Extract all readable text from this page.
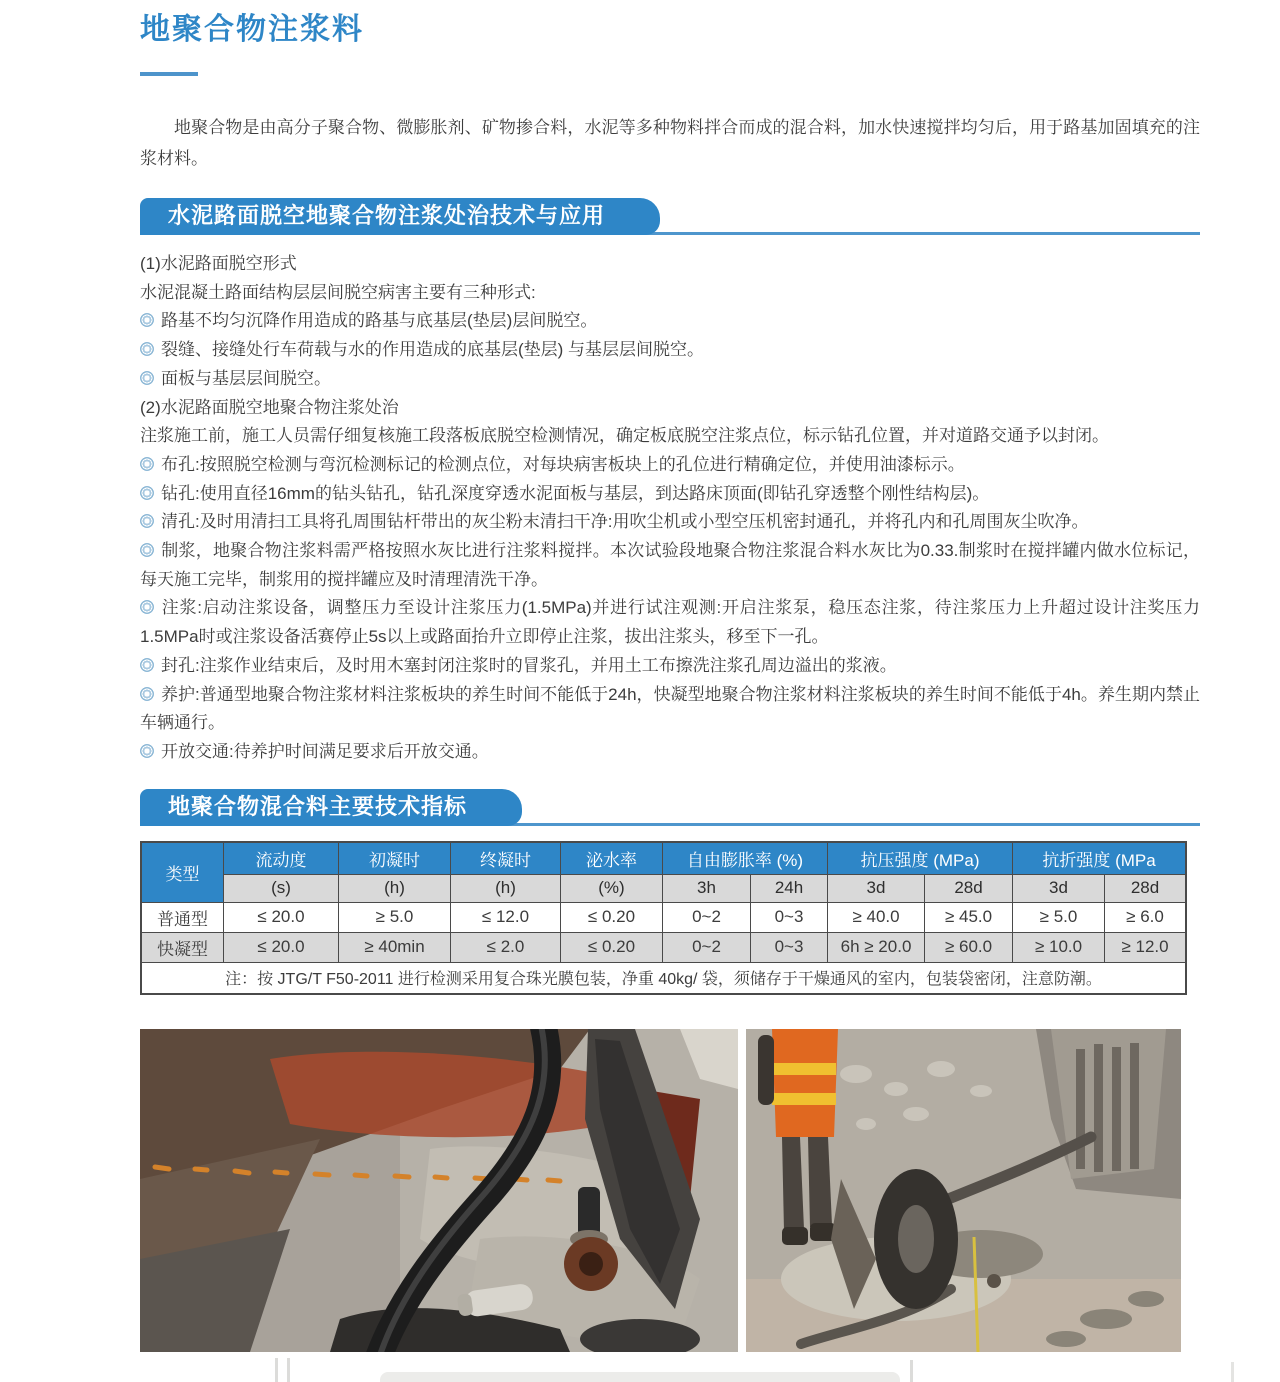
地聚合物注浆料

地聚合物是由高分子聚合物、微膨胀剂、矿物掺合料，水泥等多种物料拌合而成的混合料，加水快速搅拌均匀后，用于路基加固填充的注浆材料。

水泥路面脱空地聚合物注浆处治技术与应用

(1)水泥路面脱空形式

水泥混凝土路面结构层层间脱空病害主要有三种形式:

路基不均匀沉降作用造成的路基与底基层(垫层)层间脱空。

裂缝、接缝处行车荷载与水的作用造成的底基层(垫层) 与基层层间脱空。

面板与基层层间脱空。

(2)水泥路面脱空地聚合物注浆处治

注浆施工前，施工人员需仔细复核施工段落板底脱空检测情况，确定板底脱空注浆点位，标示钻孔位置，并对道路交通予以封闭。

布孔:按照脱空检测与弯沉检测标记的检测点位，对每块病害板块上的孔位进行精确定位，并使用油漆标示。

钻孔:使用直径16mm的钻头钻孔，钻孔深度穿透水泥面板与基层，到达路床顶面(即钻孔穿透整个刚性结构层)。

清孔:及时用清扫工具将孔周围钻杆带出的灰尘粉末清扫干净:用吹尘机或小型空压机密封通孔，并将孔内和孔周围灰尘吹净。

制浆，地聚合物注浆料需严格按照水灰比进行注浆料搅拌。本次试验段地聚合物注浆混合料水灰比为0.33.制浆时在搅拌罐内做水位标记，每天施工完毕，制浆用的搅拌罐应及时清理清洗干净。

注浆:启动注浆设备，调整压力至设计注浆压力(1.5MPa)并进行试注观测:开启注浆泵，稳压态注浆，待注浆压力上升超过设计注奖压力1.5MPa时或注浆设备活赛停止5s以上或路面抬升立即停止注浆，拔出注浆头，移至下一孔。

封孔:注浆作业结束后，及时用木塞封闭注浆时的冒浆孔，并用土工布擦洗注浆孔周边溢出的浆液。

养护:普通型地聚合物注浆材料注浆板块的养生时间不能低于24h，快凝型地聚合物注浆材料注浆板块的养生时间不能低于4h。养生期内禁止车辆通行。

开放交通:待养护时间满足要求后开放交通。

地聚合物混合料主要技术指标
类型	流动度	初凝时	终凝时	泌水率	自由膨胀率 (%)		抗压强度 (MPa)		抗折强度 (MPa	
	(s)	(h)	(h)	(%)	3h	24h	3d	28d	3d	28d
普通型	≤ 20.0	≥ 5.0	≤ 12.0	≤ 0.20	0~2	0~3	≥ 40.0	≥ 45.0	≥ 5.0	≥ 6.0
快凝型	≤ 20.0	≥ 40min	≤ 2.0	≤ 0.20	0~2	0~3	6h ≥ 20.0	≥ 60.0	≥ 10.0	≥ 12.0
注：按 JTG/T F50-2011 进行检测采用复合珠光膜包装，净重 40kg/ 袋，须储存于干燥通风的室内，包装袋密闭，注意防潮。										
